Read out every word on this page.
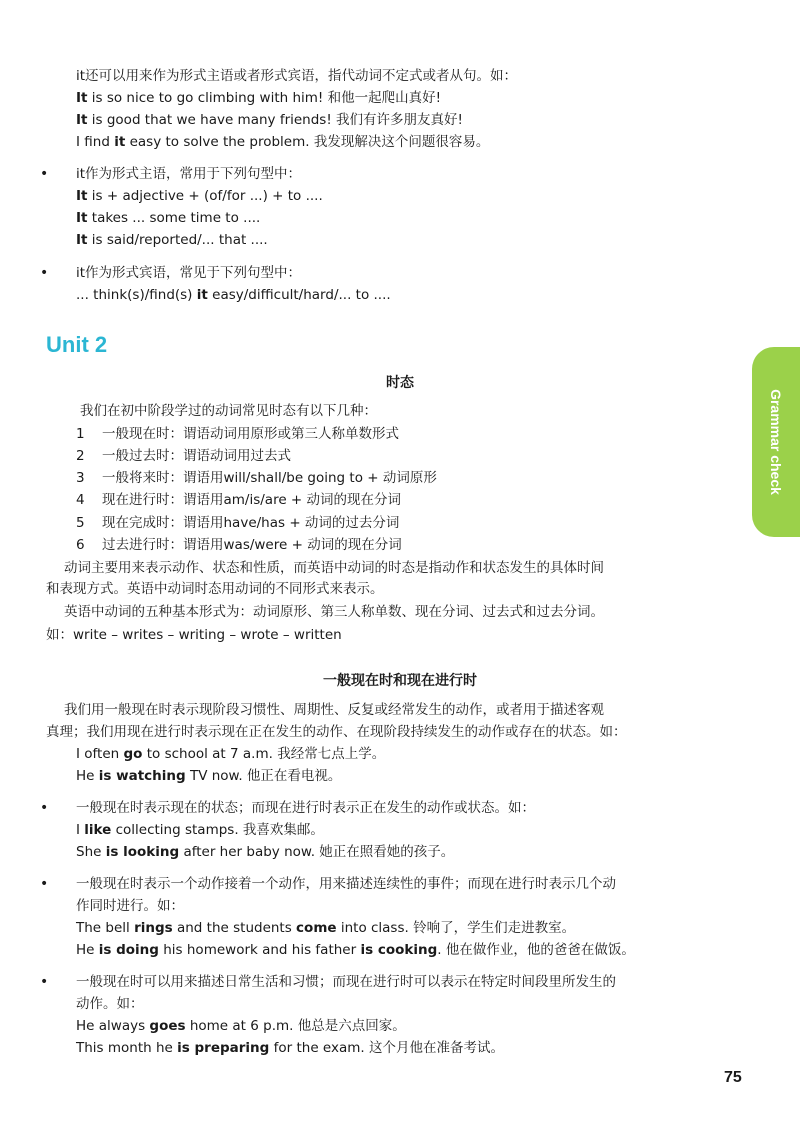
it还可以用来作为形式主语或者形式宾语，指代动词不定式或者从句。如：
It is so nice to go climbing with him! 和他一起爬山真好!
It is good that we have many friends! 我们有许多朋友真好!
I find it easy to solve the problem. 我发现解决这个问题很容易。
• it作为形式主语，常用于下列句型中：
It is + adjective + (of/for ...) + to ....
It takes ... some time to ....
It is said/reported/... that ....
• it作为形式宾语，常见于下列句型中：
... think(s)/find(s) it easy/difficult/hard/... to ....
Unit 2
时态
我们在初中阶段学过的动词常见时态有以下几种：
1 一般现在时：谓语动词用原形或第三人称单数形式
2 一般过去时：谓语动词用过去式
3 一般将来时：谓语用will/shall/be going to + 动词原形
4 现在进行时：谓语用am/is/are + 动词的现在分词
5 现在完成时：谓语用have/has + 动词的过去分词
6 过去进行时：谓语用was/were + 动词的现在分词
动词主要用来表示动作、状态和性质，而英语中动词的时态是指动作和状态发生的具体时间
和表现方式。英语中动词时态用动词的不同形式来表示。
英语中动词的五种基本形式为：动词原形、第三人称单数、现在分词、过去式和过去分词。
如：write – writes – writing – wrote – written
一般现在时和现在进行时
我们用一般现在时表示现阶段习惯性、周期性、反复或经常发生的动作，或者用于描述客观
真理；我们用现在进行时表示现在正在发生的动作、在现阶段持续发生的动作或存在的状态。如：
I often go to school at 7 a.m. 我经常七点上学。
He is watching TV now. 他正在看电视。
• 一般现在时表示现在的状态；而现在进行时表示正在发生的动作或状态。如：
I like collecting stamps. 我喜欢集邮。
She is looking after her baby now. 她正在照看她的孩子。
• 一般现在时表示一个动作接着一个动作，用来描述连续性的事件；而现在进行时表示几个动
作同时进行。如：
The bell rings and the students come into class. 铃响了，学生们走进教室。
He is doing his homework and his father is cooking. 他在做作业，他的爸爸在做饭。
• 一般现在时可以用来描述日常生活和习惯；而现在进行时可以表示在特定时间段里所发生的
动作。如：
He always goes home at 6 p.m. 他总是六点回家。
This month he is preparing for the exam. 这个月他在准备考试。
Grammar check
75
